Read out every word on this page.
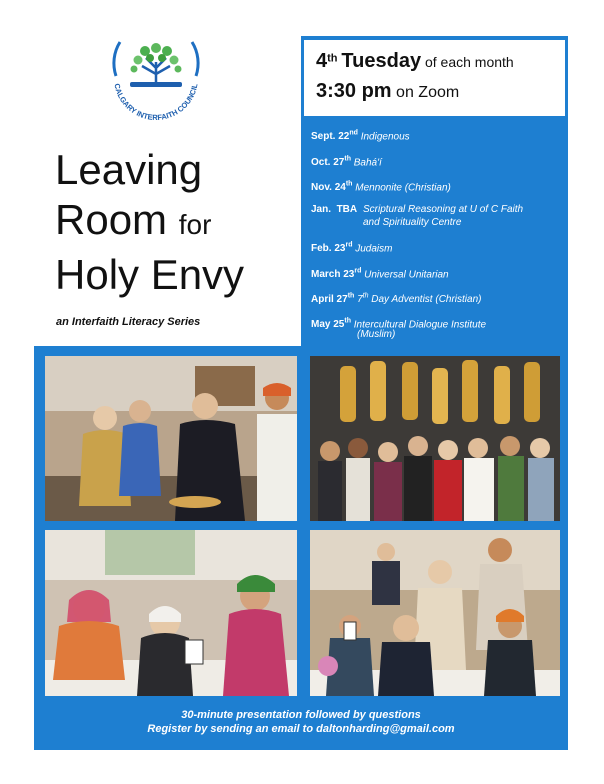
CALGARY INTERFAITH COUNCIL
Leaving
Room for
Holy Envy
an Interfaith Literacy Series
4th Tuesday of each month
3:30 pm on Zoom
Sept. 22nd Indigenous
Oct. 27th Bahá'í
Nov. 24th Mennonite (Christian)
Jan.  TBA Scriptural Reasoning at U of C Faith
and Spirituality Centre
Feb. 23rd Judaism
March 23rd Universal Unitarian
April 27th 7th Day Adventist (Christian)
May 25th Intercultural Dialogue Institute
(Muslim)
30-minute presentation followed by questions
Register by sending an email to daltonharding@gmail.com
